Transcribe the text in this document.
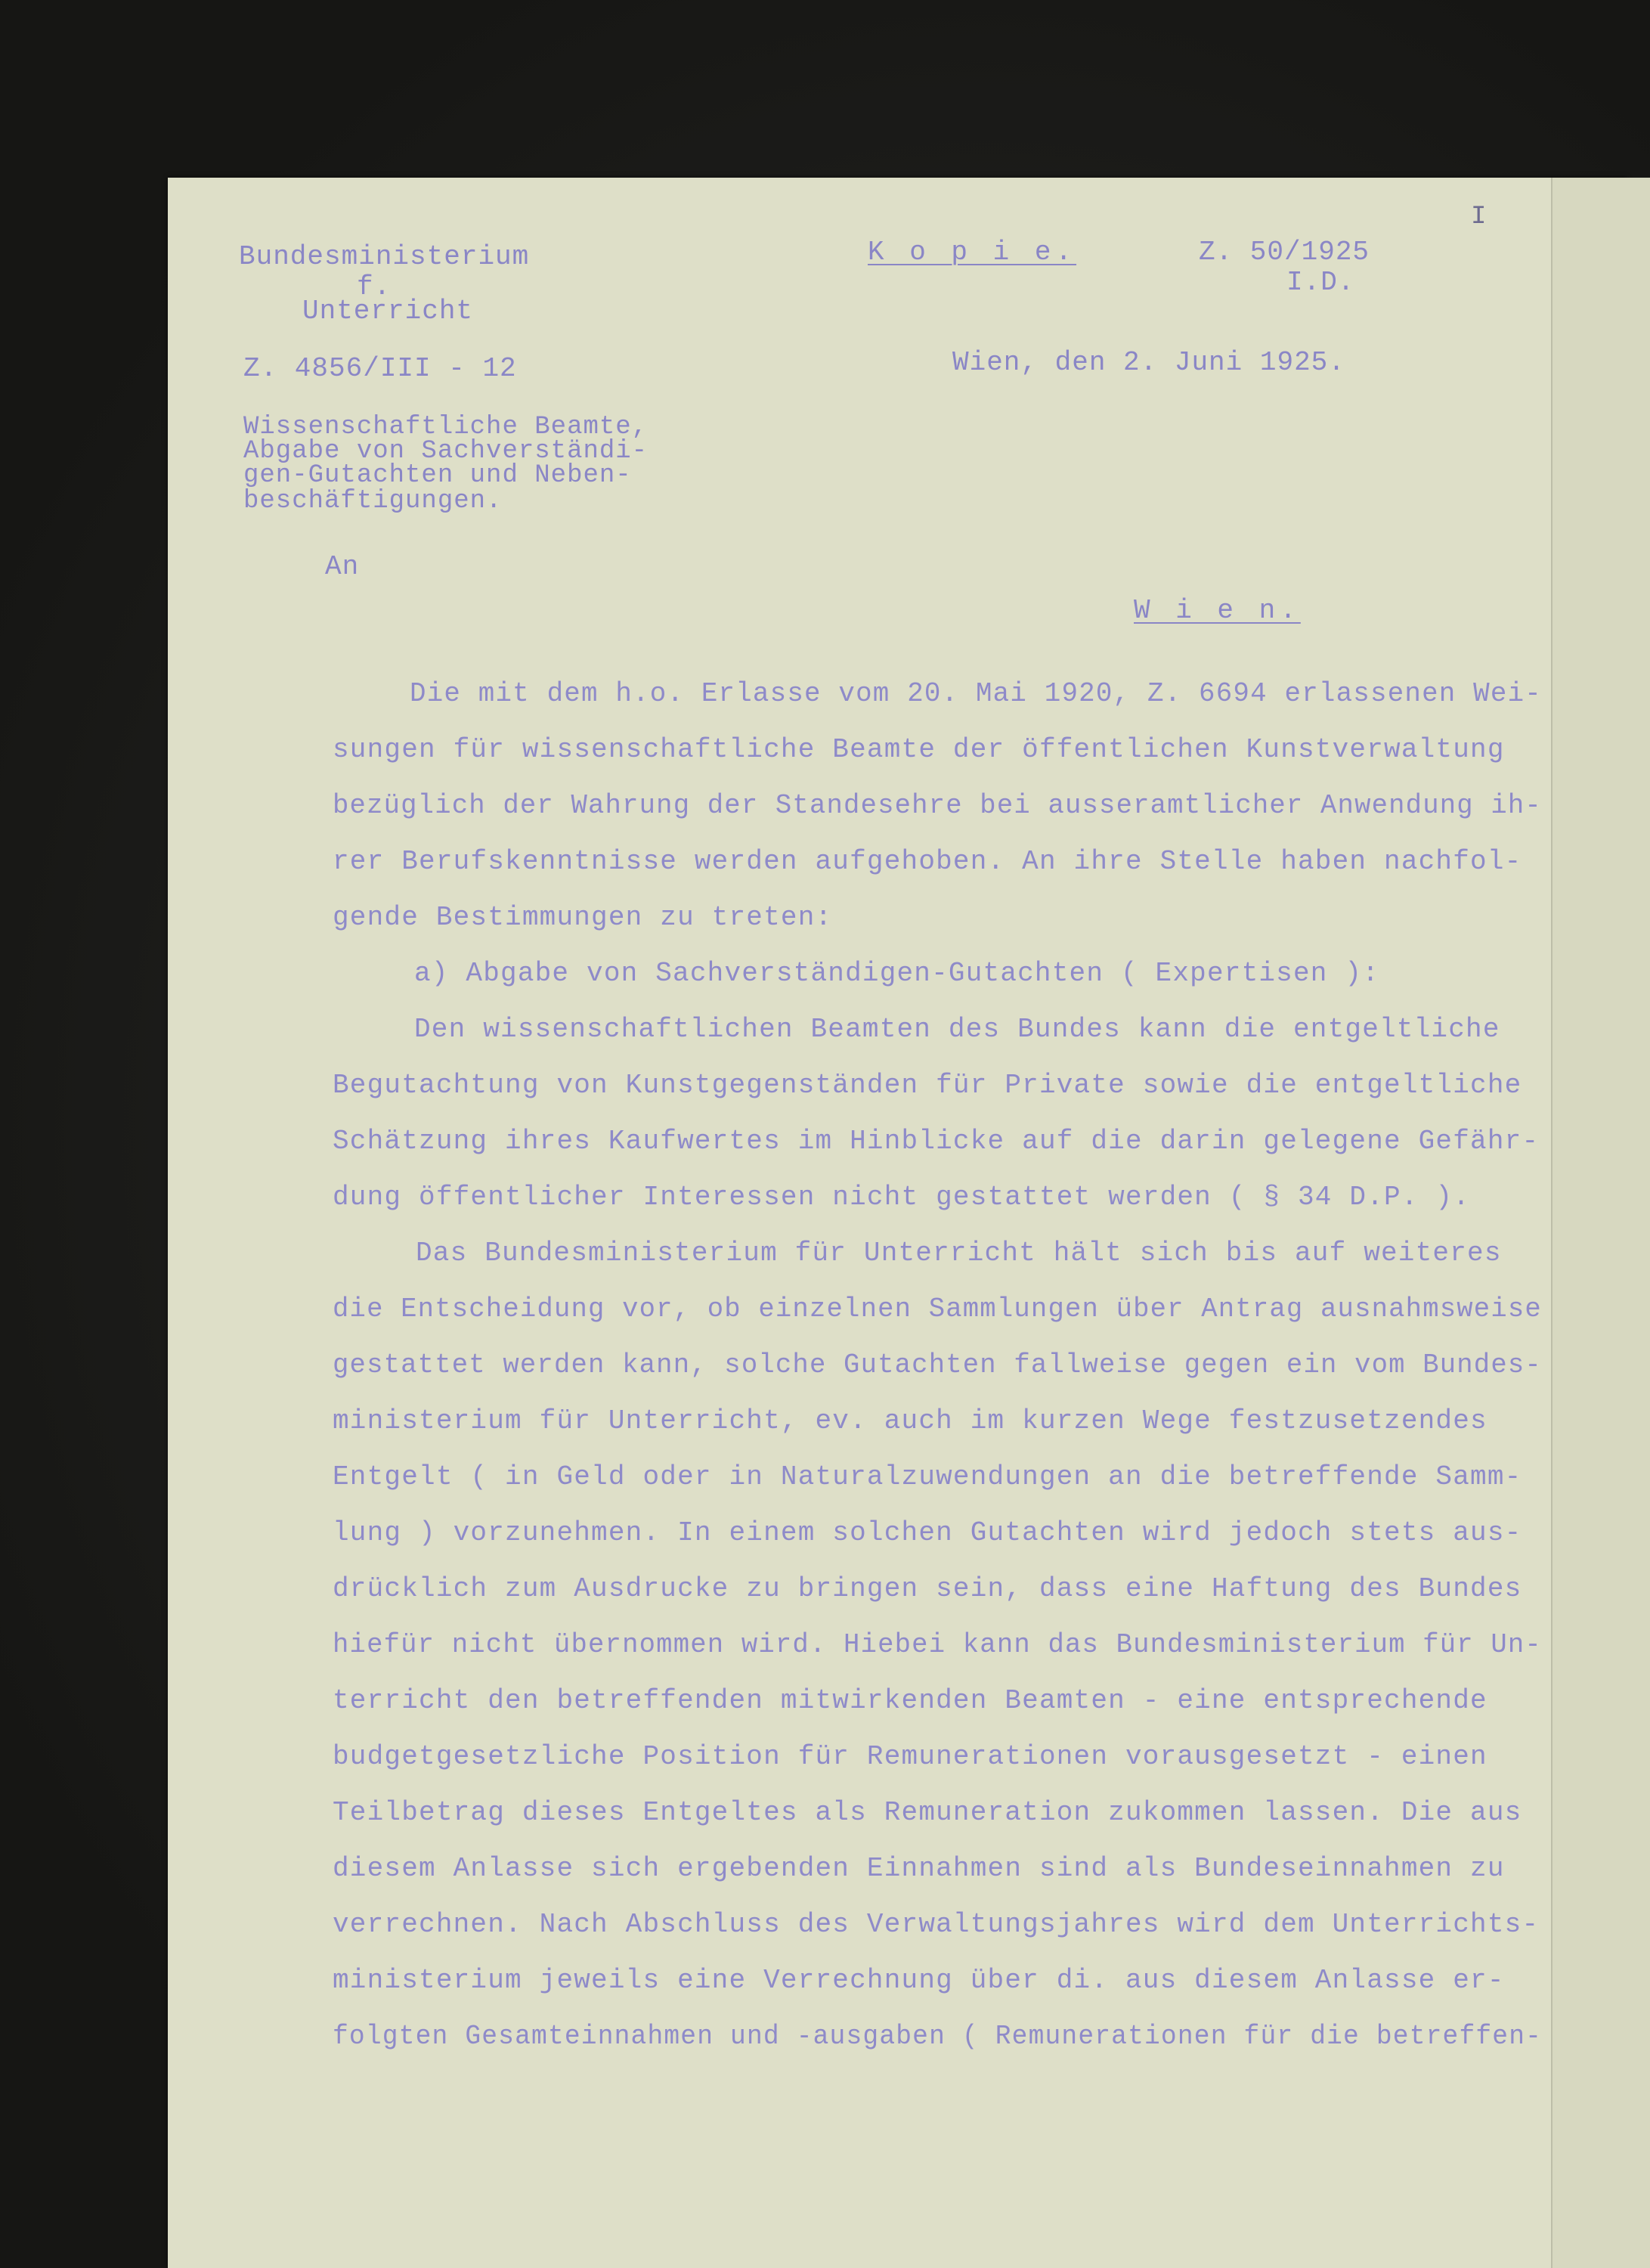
Bundesministerium
f.
Unterricht
Z. 4856/III - 12
K o p i e.	Z. 50/1925
I.D.
I
Wien, den 2. Juni 1925.
Wissenschaftliche Beamte,
Abgabe von Sachverständi-
gen-Gutachten und Neben-
beschäftigungen.
An
W i e n.
Die mit dem h.o. Erlasse vom 20. Mai 1920, Z. 6694 erlassenen Wei-
sungen für wissenschaftliche Beamte der öffentlichen Kunstverwaltung
bezüglich der Wahrung der Standesehre bei ausseramtlicher Anwendung ih-
rer Berufskenntnisse werden aufgehoben. An ihre Stelle haben nachfol-
gende Bestimmungen zu treten:
a) Abgabe von Sachverständigen-Gutachten ( Expertisen ):
Den wissenschaftlichen Beamten des Bundes kann die entgeltliche
Begutachtung von Kunstgegenständen für Private sowie die entgeltliche
Schätzung ihres Kaufwertes im Hinblicke auf die darin gelegene Gefähr-
dung öffentlicher Interessen nicht gestattet werden ( § 34 D.P. ).
Das Bundesministerium für Unterricht hält sich bis auf weiteres
die Entscheidung vor, ob einzelnen Sammlungen über Antrag ausnahmsweise
gestattet werden kann, solche Gutachten fallweise gegen ein vom Bundes-
ministerium für Unterricht, ev. auch im kurzen Wege festzusetzendes
Entgelt ( in Geld oder in Naturalzuwendungen an die betreffende Samm-
lung ) vorzunehmen. In einem solchen Gutachten wird jedoch stets aus-
drücklich zum Ausdrucke zu bringen sein, dass eine Haftung des Bundes
hiefür nicht übernommen wird. Hiebei kann das Bundesministerium für Un-
terricht den betreffenden mitwirkenden Beamten - eine entsprechende
budgetgesetzliche Position für Remunerationen vorausgesetzt - einen
Teilbetrag dieses Entgeltes als Remuneration zukommen lassen. Die aus
diesem Anlasse sich ergebenden Einnahmen sind als Bundeseinnahmen zu
verrechnen. Nach Abschluss des Verwaltungsjahres wird dem Unterrichts-
ministerium jeweils eine Verrechnung über di. aus diesem Anlasse er-
folgten Gesamteinnahmen und -ausgaben ( Remunerationen für die betreffen-
